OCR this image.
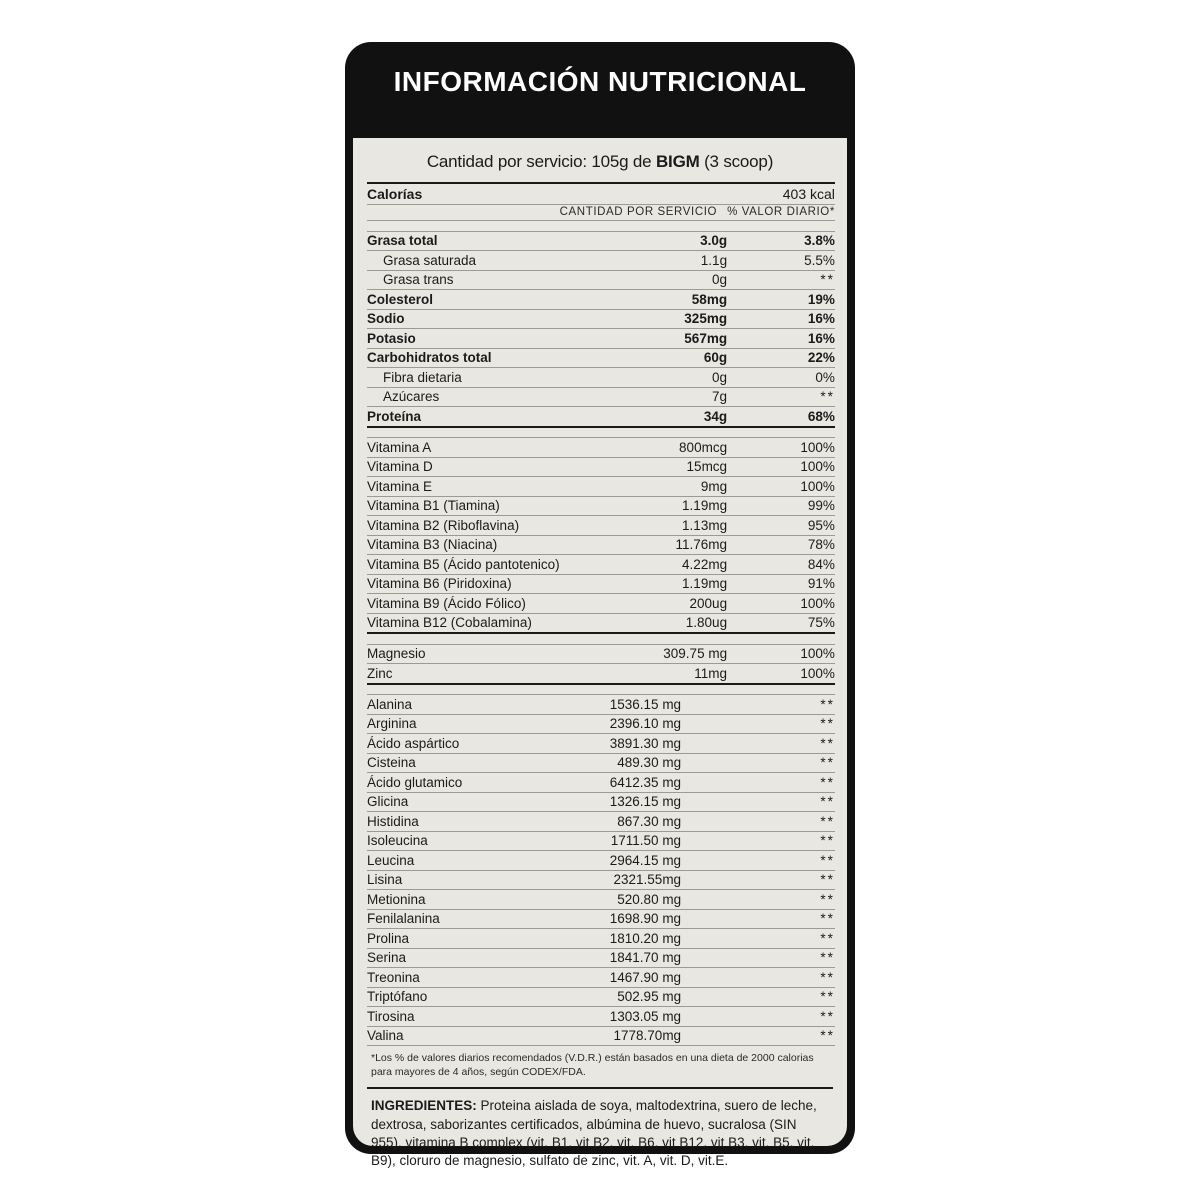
INFORMACIÓN NUTRICIONAL
Cantidad por servicio: 105g de BIGM (3 scoop)
Calorías		403 kcal
	CANTIDAD POR SERVICIO	% VALOR DIARIO*

Grasa total	3.0g	3.8%
Grasa saturada	1.1g	5.5%
Grasa trans	0g	**
Colesterol	58mg	19%
Sodio	325mg	16%
Potasio	567mg	16%
Carbohidratos total	60g	22%
Fibra dietaria	0g	0%
Azúcares	7g	**
Proteína	34g	68%

Vitamina A	800mcg	100%
Vitamina D	15mcg	100%
Vitamina E	9mg	100%
Vitamina B1 (Tiamina)	1.19mg	99%
Vitamina B2 (Riboflavina)	1.13mg	95%
Vitamina B3 (Niacina)	11.76mg	78%
Vitamina B5 (Ácido pantotenico)	4.22mg	84%
Vitamina B6 (Piridoxina)	1.19mg	91%
Vitamina B9 (Ácido Fólico)	200ug	100%
Vitamina B12 (Cobalamina)	1.80ug	75%

Magnesio	309.75 mg	100%
Zinc	11mg	100%

Alanina	1536.15 mg	**
Arginina	2396.10 mg	**
Ácido aspártico	3891.30 mg	**
Cisteina	489.30 mg	**
Ácido glutamico	6412.35 mg	**
Glicina	1326.15 mg	**
Histidina	867.30 mg	**
Isoleucina	1711.50 mg	**
Leucina	2964.15 mg	**
Lisina	2321.55mg	**
Metionina	520.80 mg	**
Fenilalanina	1698.90 mg	**
Prolina	1810.20 mg	**
Serina	1841.70 mg	**
Treonina	1467.90 mg	**
Triptófano	502.95 mg	**
Tirosina	1303.05 mg	**
Valina	1778.70mg	**
*Los % de valores diarios recomendados (V.D.R.) están basados en una dieta de 2000 calorias para mayores de 4 años, según CODEX/FDA.
INGREDIENTES: Proteina aislada de soya, maltodextrina, suero de leche, dextrosa, saborizantes certificados, albúmina de huevo, sucralosa (SIN 955), vitamina B complex (vit. B1, vit B2, vit. B6, vit B12, vit B3, vit. B5, vit. B9), cloruro de magnesio, sulfato de zinc, vit. A, vit. D, vit.E.
